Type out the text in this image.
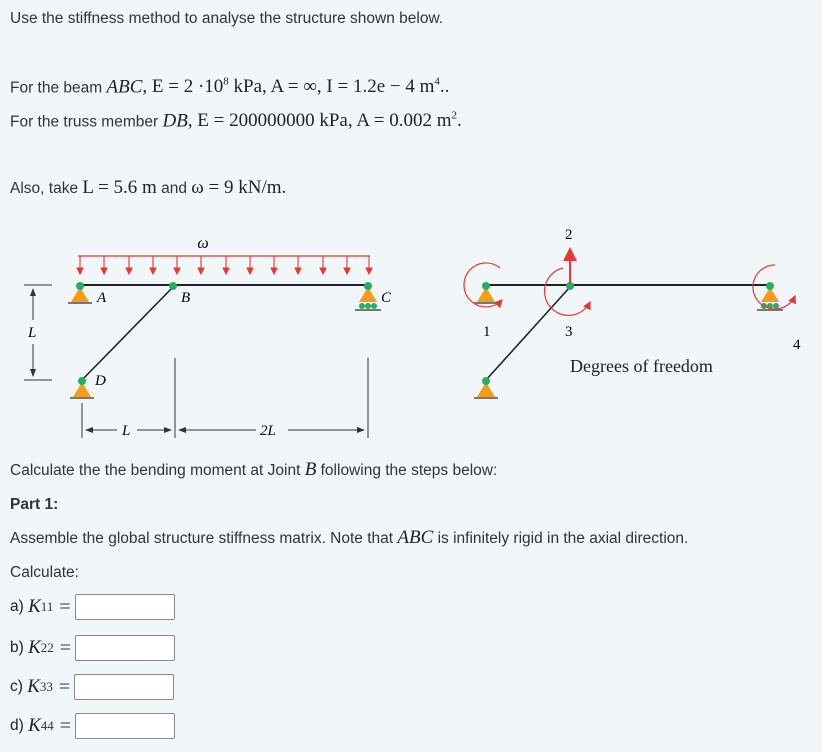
Use the stiffness method to analyse the structure shown below.
For the beam ABC, $E = 2 \cdot 10^8$ kPa, A = ∞, I = 1.2e − 4 $m^4$..
For the truss member DB, E = 200000000 kPa, A = 0.002 $m^2$.
Also, take L = 5.6 m and ω = 9 kN/m.
ω
A	B	C
D
L
L	2L
1
2
3
4
Degrees of freedom
Calculate the the bending moment at Joint B following the steps below:
Part 1:
Assemble the global structure stiffness matrix. Note that ABC is infinitely rigid in the axial direction.
Calculate:
a)
K 11 =
b)
K 22 =
c)
K 33 =
d)
K 44 =
